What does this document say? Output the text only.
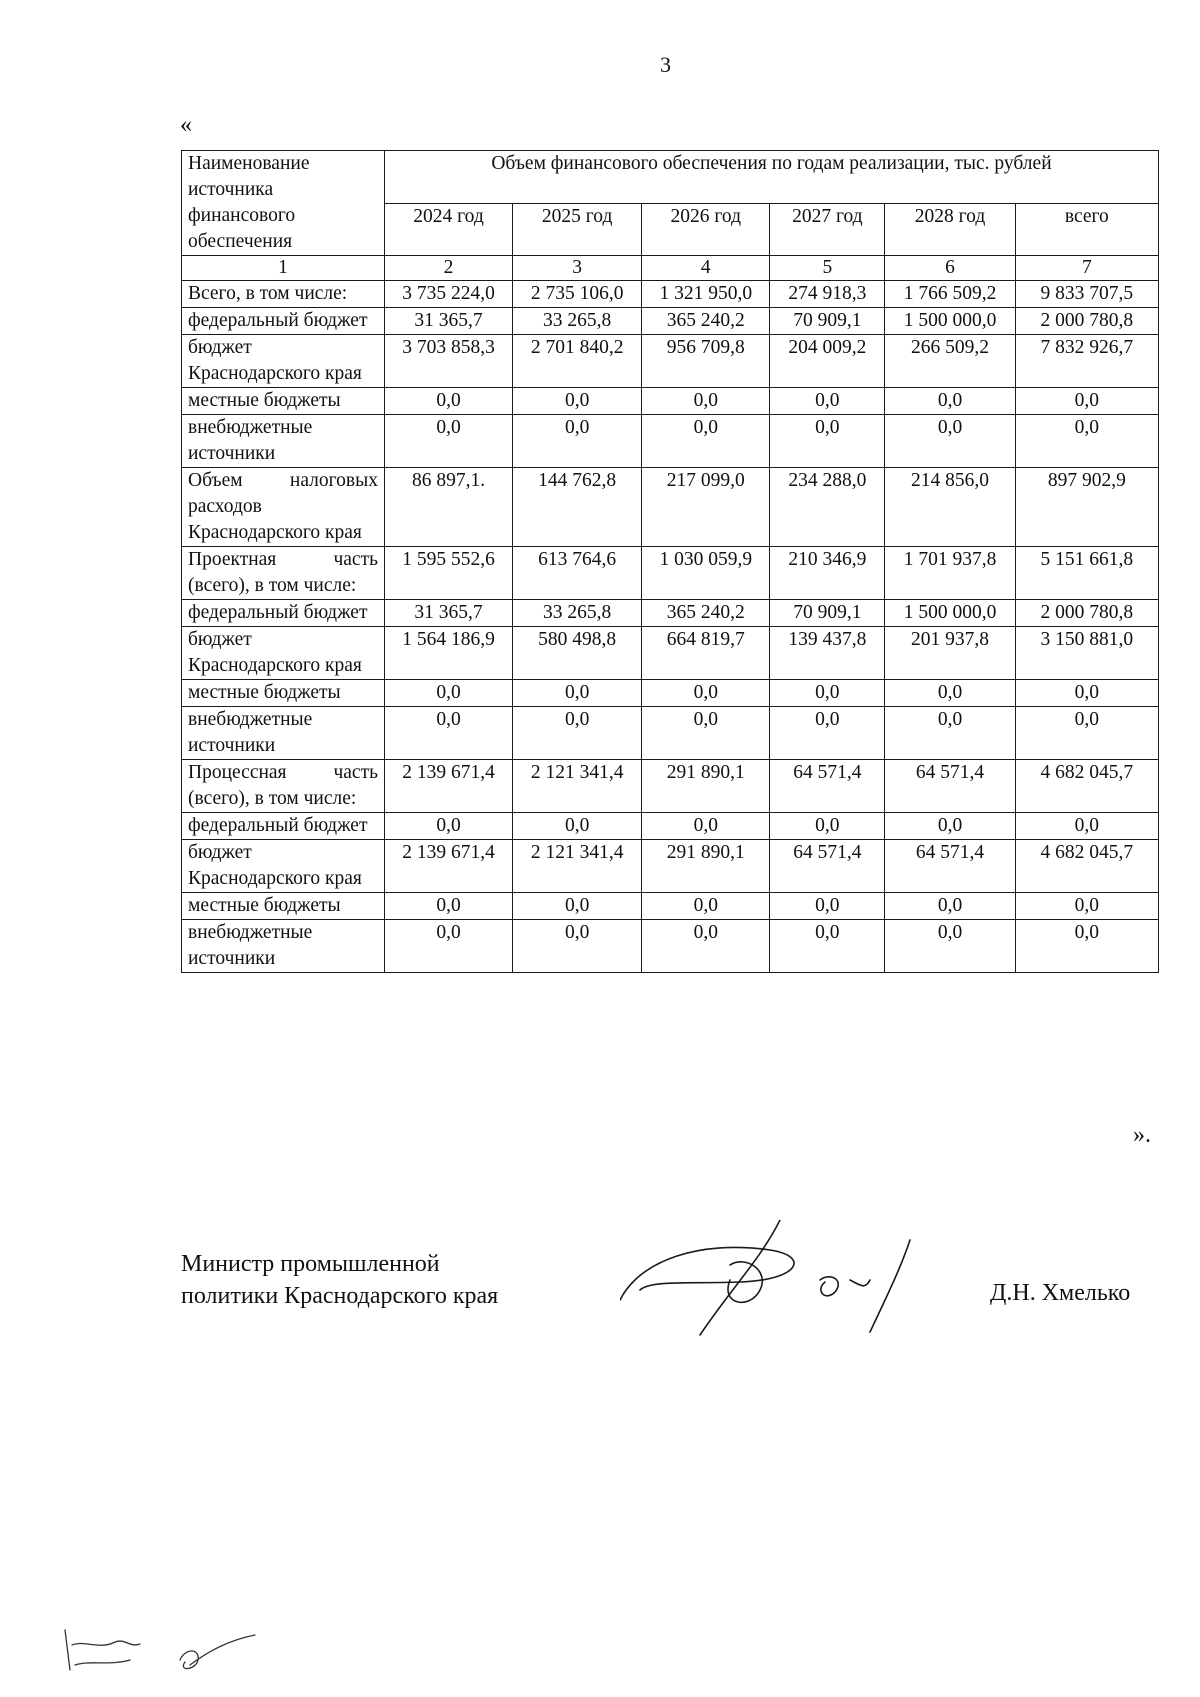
3
«
Наименование источника финансового обеспечения	Объем финансового обеспечения по годам реализации, тыс. рублей					
	2024 год	2025 год	2026 год	2027 год	2028 год	всего
1	2	3	4	5	6	7
Всего, в том числе:	3 735 224,0	2 735 106,0	1 321 950,0	274 918,3	1 766 509,2	9 833 707,5
федеральный бюджет	31 365,7	33 265,8	365 240,2	70 909,1	1 500 000,0	2 000 780,8
бюджет Краснодарского края	3 703 858,3	2 701 840,2	956 709,8	204 009,2	266 509,2	7 832 926,7
местные бюджеты	0,0	0,0	0,0	0,0	0,0	0,0
внебюджетные источники	0,0	0,0	0,0	0,0	0,0	0,0
Объем налоговых расходов Краснодарского края	86 897,1.	144 762,8	217 099,0	234 288,0	214 856,0	897 902,9
Проектная часть (всего), в том числе:	1 595 552,6	613 764,6	1 030 059,9	210 346,9	1 701 937,8	5 151 661,8
федеральный бюджет	31 365,7	33 265,8	365 240,2	70 909,1	1 500 000,0	2 000 780,8
бюджет Краснодарского края	1 564 186,9	580 498,8	664 819,7	139 437,8	201 937,8	3 150 881,0
местные бюджеты	0,0	0,0	0,0	0,0	0,0	0,0
внебюджетные источники	0,0	0,0	0,0	0,0	0,0	0,0
Процессная часть (всего), в том числе:	2 139 671,4	2 121 341,4	291 890,1	64 571,4	64 571,4	4 682 045,7
федеральный бюджет	0,0	0,0	0,0	0,0	0,0	0,0
бюджет Краснодарского края	2 139 671,4	2 121 341,4	291 890,1	64 571,4	64 571,4	4 682 045,7
местные бюджеты	0,0	0,0	0,0	0,0	0,0	0,0
внебюджетные источники	0,0	0,0	0,0	0,0	0,0	0,0
».
Министр промышленной
политики Краснодарского края	Д.Н. Хмелько
